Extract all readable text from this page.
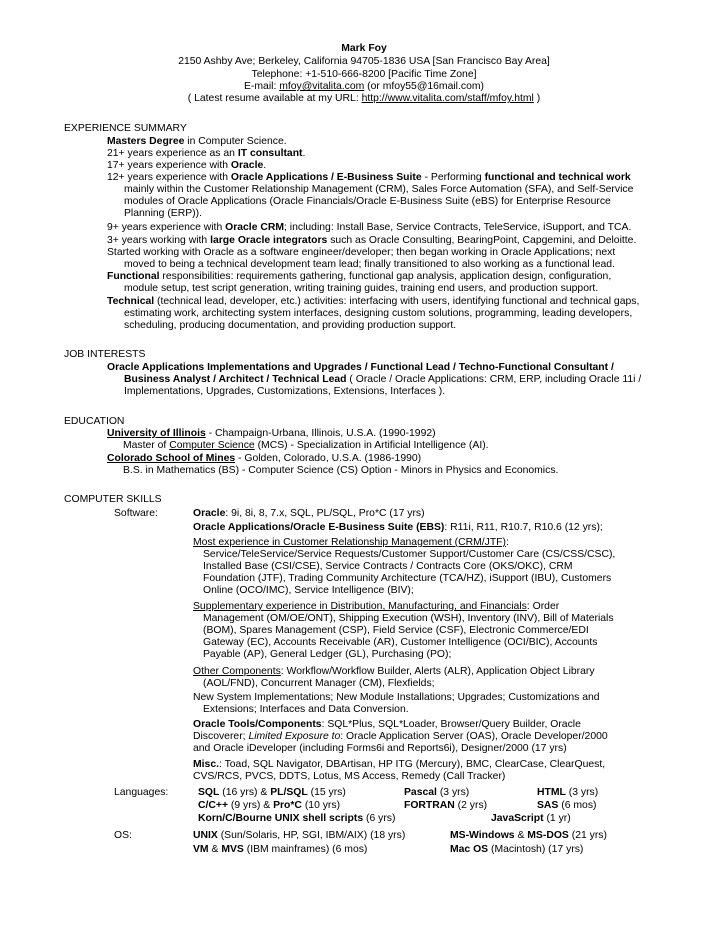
Mark Foy
2150 Ashby Ave; Berkeley, California 94705-1836 USA [San Francisco Bay Area]
Telephone: +1-510-666-8200 [Pacific Time Zone]
E-mail: mfoy@vitalita.com (or mfoy55@16mail.com)
( Latest resume available at my URL: http://www.vitalita.com/staff/mfoy.html )
EXPERIENCE SUMMARY
Masters Degree in Computer Science.
21+ years experience as an IT consultant.
17+ years experience with Oracle.
12+ years experience with Oracle Applications / E-Business Suite - Performing functional and technical work
mainly within the Customer Relationship Management (CRM), Sales Force Automation (SFA), and Self-Service
modules of Oracle Applications (Oracle Financials/Oracle E-Business Suite (eBS) for Enterprise Resource
Planning (ERP)).
9+ years experience with Oracle CRM; including: Install Base, Service Contracts, TeleService, iSupport, and TCA.
3+ years working with large Oracle integrators such as Oracle Consulting, BearingPoint, Capgemini, and Deloitte.
Started working with Oracle as a software engineer/developer; then began working in Oracle Applications; next
moved to being a technical development team lead; finally transitioned to also working as a functional lead.
Functional responsibilities: requirements gathering, functional gap analysis, application design, configuration,
module setup, test script generation, writing training guides, training end users, and production support.
Technical (technical lead, developer, etc.) activities: interfacing with users, identifying functional and technical gaps,
estimating work, architecting system interfaces, designing custom solutions, programming, leading developers,
scheduling, producing documentation, and providing production support.
JOB INTERESTS
Oracle Applications Implementations and Upgrades / Functional Lead / Techno-Functional Consultant /
Business Analyst / Architect / Technical Lead ( Oracle / Oracle Applications: CRM, ERP, including Oracle 11i /
Implementations, Upgrades, Customizations, Extensions, Interfaces ).
EDUCATION
University of Illinois - Champaign-Urbana, Illinois, U.S.A. (1990-1992)
Master of Computer Science (MCS) - Specialization in Artificial Intelligence (AI).
Colorado School of Mines - Golden, Colorado, U.S.A. (1986-1990)
B.S. in Mathematics (BS) - Computer Science (CS) Option - Minors in Physics and Economics.
COMPUTER SKILLS
Software:	Oracle: 9i, 8i, 8, 7.x, SQL, PL/SQL, Pro*C (17 yrs)
Oracle Applications/Oracle E-Business Suite (EBS): R11i, R11, R10.7, R10.6 (12 yrs);
Most experience in Customer Relationship Management (CRM/JTF):
Service/TeleService/Service Requests/Customer Support/Customer Care (CS/CSS/CSC),
Installed Base (CSI/CSE), Service Contracts / Contracts Core (OKS/OKC), CRM
Foundation (JTF), Trading Community Architecture (TCA/HZ), iSupport (IBU), Customers
Online (OCO/IMC), Service Intelligence (BIV);
Supplementary experience in Distribution, Manufacturing, and Financials: Order
Management (OM/OE/ONT), Shipping Execution (WSH), Inventory (INV), Bill of Materials
(BOM), Spares Management (CSP), Field Service (CSF), Electronic Commerce/EDI
Gateway (EC), Accounts Receivable (AR), Customer Intelligence (OCI/BIC), Accounts
Payable (AP), General Ledger (GL), Purchasing (PO);
Other Components: Workflow/Workflow Builder, Alerts (ALR), Application Object Library
(AOL/FND), Concurrent Manager (CM), Flexfields;
New System Implementations; New Module Installations; Upgrades; Customizations and
Extensions; Interfaces and Data Conversion.
Oracle Tools/Components: SQL*Plus, SQL*Loader, Browser/Query Builder, Oracle
Discoverer; Limited Exposure to: Oracle Application Server (OAS), Oracle Developer/2000
and Oracle iDeveloper (including Forms6i and Reports6i), Designer/2000 (17 yrs)
Misc.: Toad, SQL Navigator, DBArtisan, HP ITG (Mercury), BMC, ClearCase, ClearQuest,
CVS/RCS, PVCS, DDTS, Lotus, MS Access, Remedy (Call Tracker)
Languages:	SQL (16 yrs) & PL/SQL (15 yrs)	Pascal (3 yrs)	HTML (3 yrs)
C/C++ (9 yrs) & Pro*C (10 yrs)	FORTRAN (2 yrs)	SAS (6 mos)
Korn/C/Bourne UNIX shell scripts (6 yrs)	JavaScript (1 yr)
OS:	UNIX (Sun/Solaris, HP, SGI, IBM/AIX) (18 yrs)	MS-Windows & MS-DOS (21 yrs)
VM & MVS (IBM mainframes) (6 mos)	Mac OS (Macintosh) (17 yrs)
